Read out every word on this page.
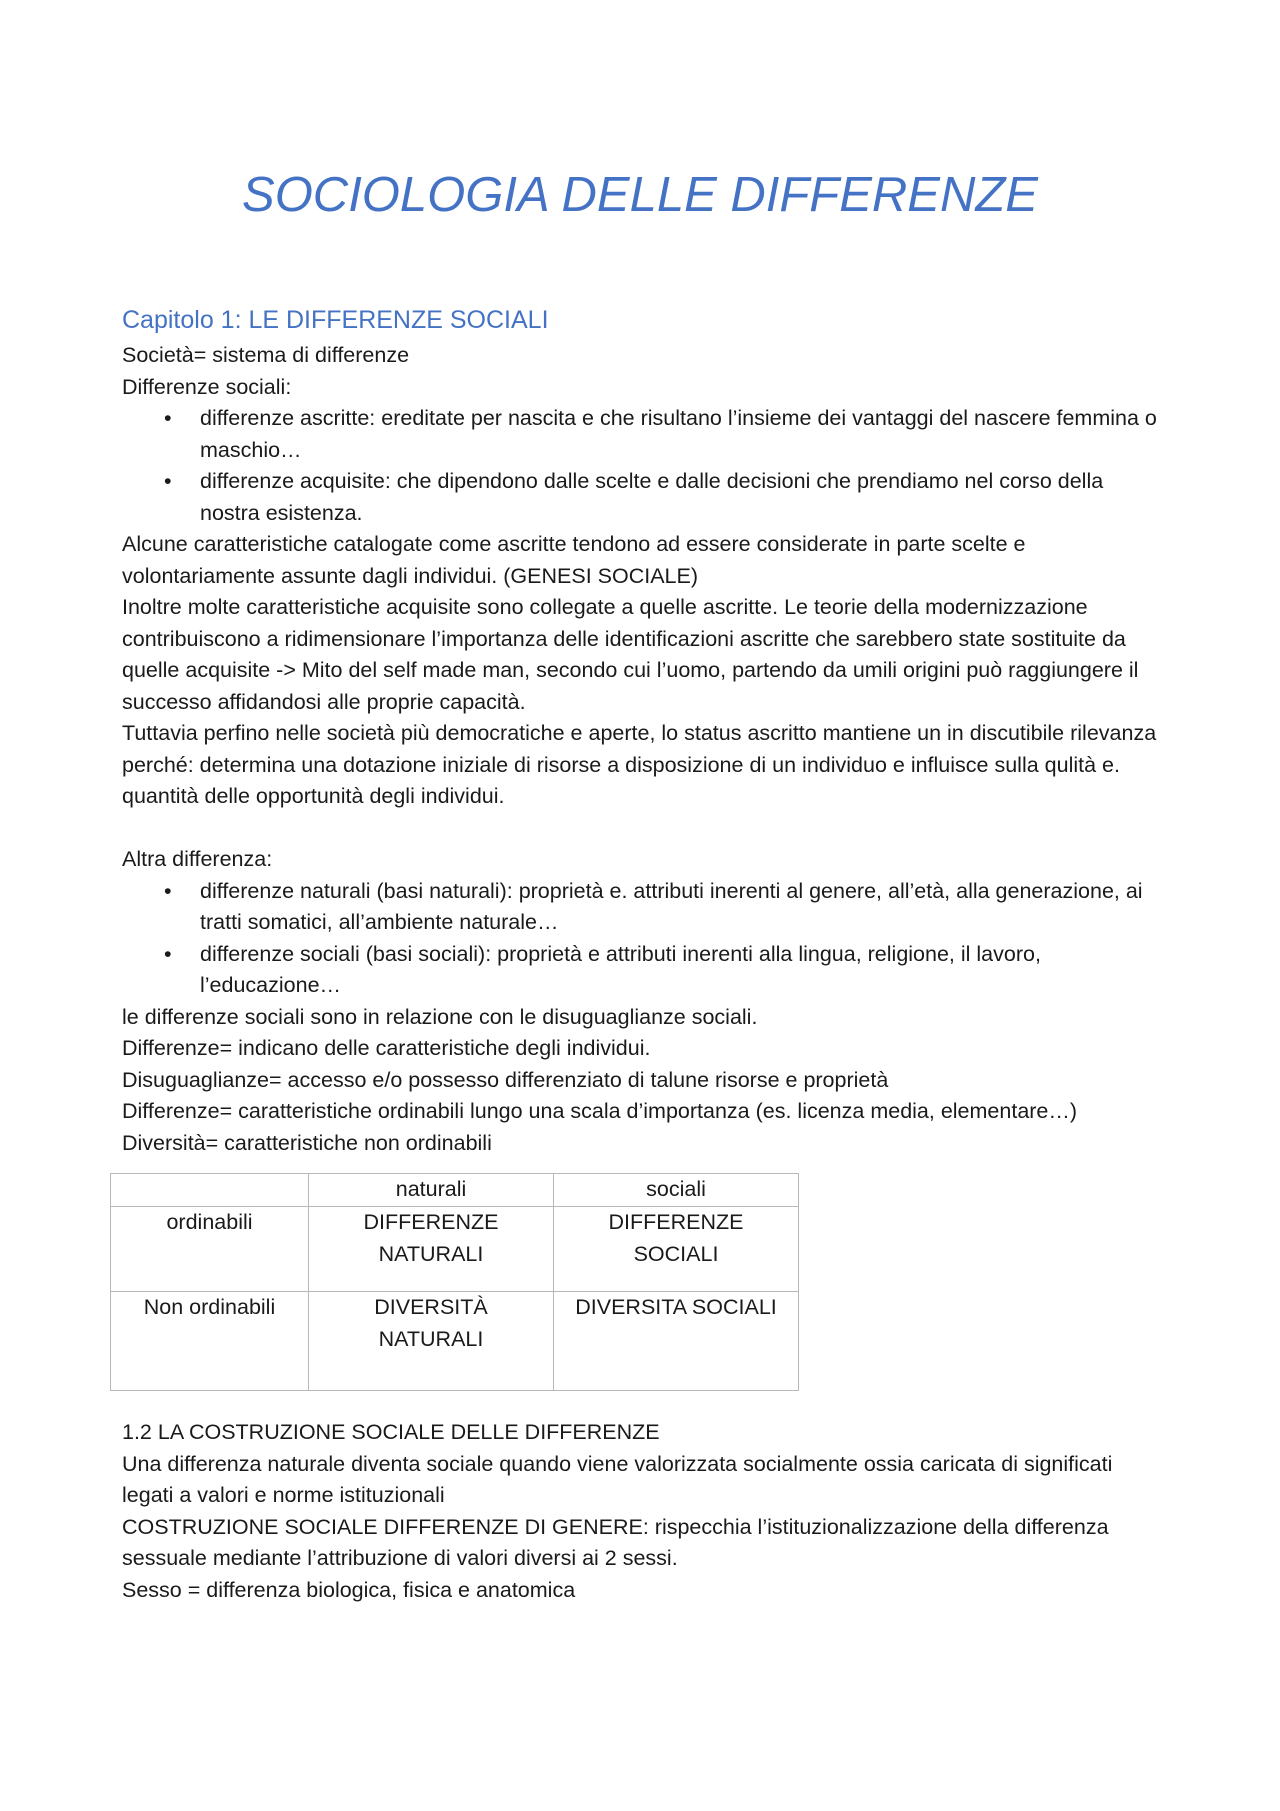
SOCIOLOGIA DELLE DIFFERENZE
Capitolo 1: LE DIFFERENZE SOCIALI

Società= sistema di differenze

Differenze sociali:

• differenze ascritte: ereditate per nascita e che risultano l’insieme dei vantaggi del nascere femmina o maschio…
• differenze acquisite: che dipendono dalle scelte e dalle decisioni che prendiamo nel corso della nostra esistenza.

Alcune caratteristiche catalogate come ascritte tendono ad essere considerate in parte scelte e volontariamente assunte dagli individui. (GENESI SOCIALE)

Inoltre molte caratteristiche acquisite sono collegate a quelle ascritte. Le teorie della modernizzazione contribuiscono a ridimensionare l’importanza delle identificazioni ascritte che sarebbero state sostituite da quelle acquisite -> Mito del self made man, secondo cui l’uomo, partendo da umili origini può raggiungere il successo affidandosi alle proprie capacità.

Tuttavia perfino nelle società più democratiche e aperte, lo status ascritto mantiene un in discutibile rilevanza perché: determina una dotazione iniziale di risorse a disposizione di un individuo e influisce sulla qulità e. quantità delle opportunità degli individui.

Altra differenza:

• differenze naturali (basi naturali): proprietà e. attributi inerenti al genere, all’età, alla generazione, ai tratti somatici, all’ambiente naturale…
• differenze sociali (basi sociali): proprietà e attributi inerenti alla lingua, religione, il lavoro, l’educazione…

le differenze sociali sono in relazione con le disuguaglianze sociali.

Differenze= indicano delle caratteristiche degli individui.

Disuguaglianze= accesso e/o possesso differenziato di talune risorse e proprietà

Differenze= caratteristiche ordinabili lungo una scala d’importanza (es. licenza media, elementare…)

Diversità= caratteristiche non ordinabili

	naturali	sociali
ordinabili	DIFFERENZE NATURALI	DIFFERENZE SOCIALI
Non ordinabili	DIVERSITÀ NATURALI	DIVERSITA SOCIALI

1.2 LA COSTRUZIONE SOCIALE DELLE DIFFERENZE

Una differenza naturale diventa sociale quando viene valorizzata socialmente ossia caricata di significati legati a valori e norme istituzionali

COSTRUZIONE SOCIALE DIFFERENZE DI GENERE: rispecchia l’istituzionalizzazione della differenza sessuale mediante l’attribuzione di valori diversi ai 2 sessi.

Sesso = differenza biologica, fisica e anatomica
